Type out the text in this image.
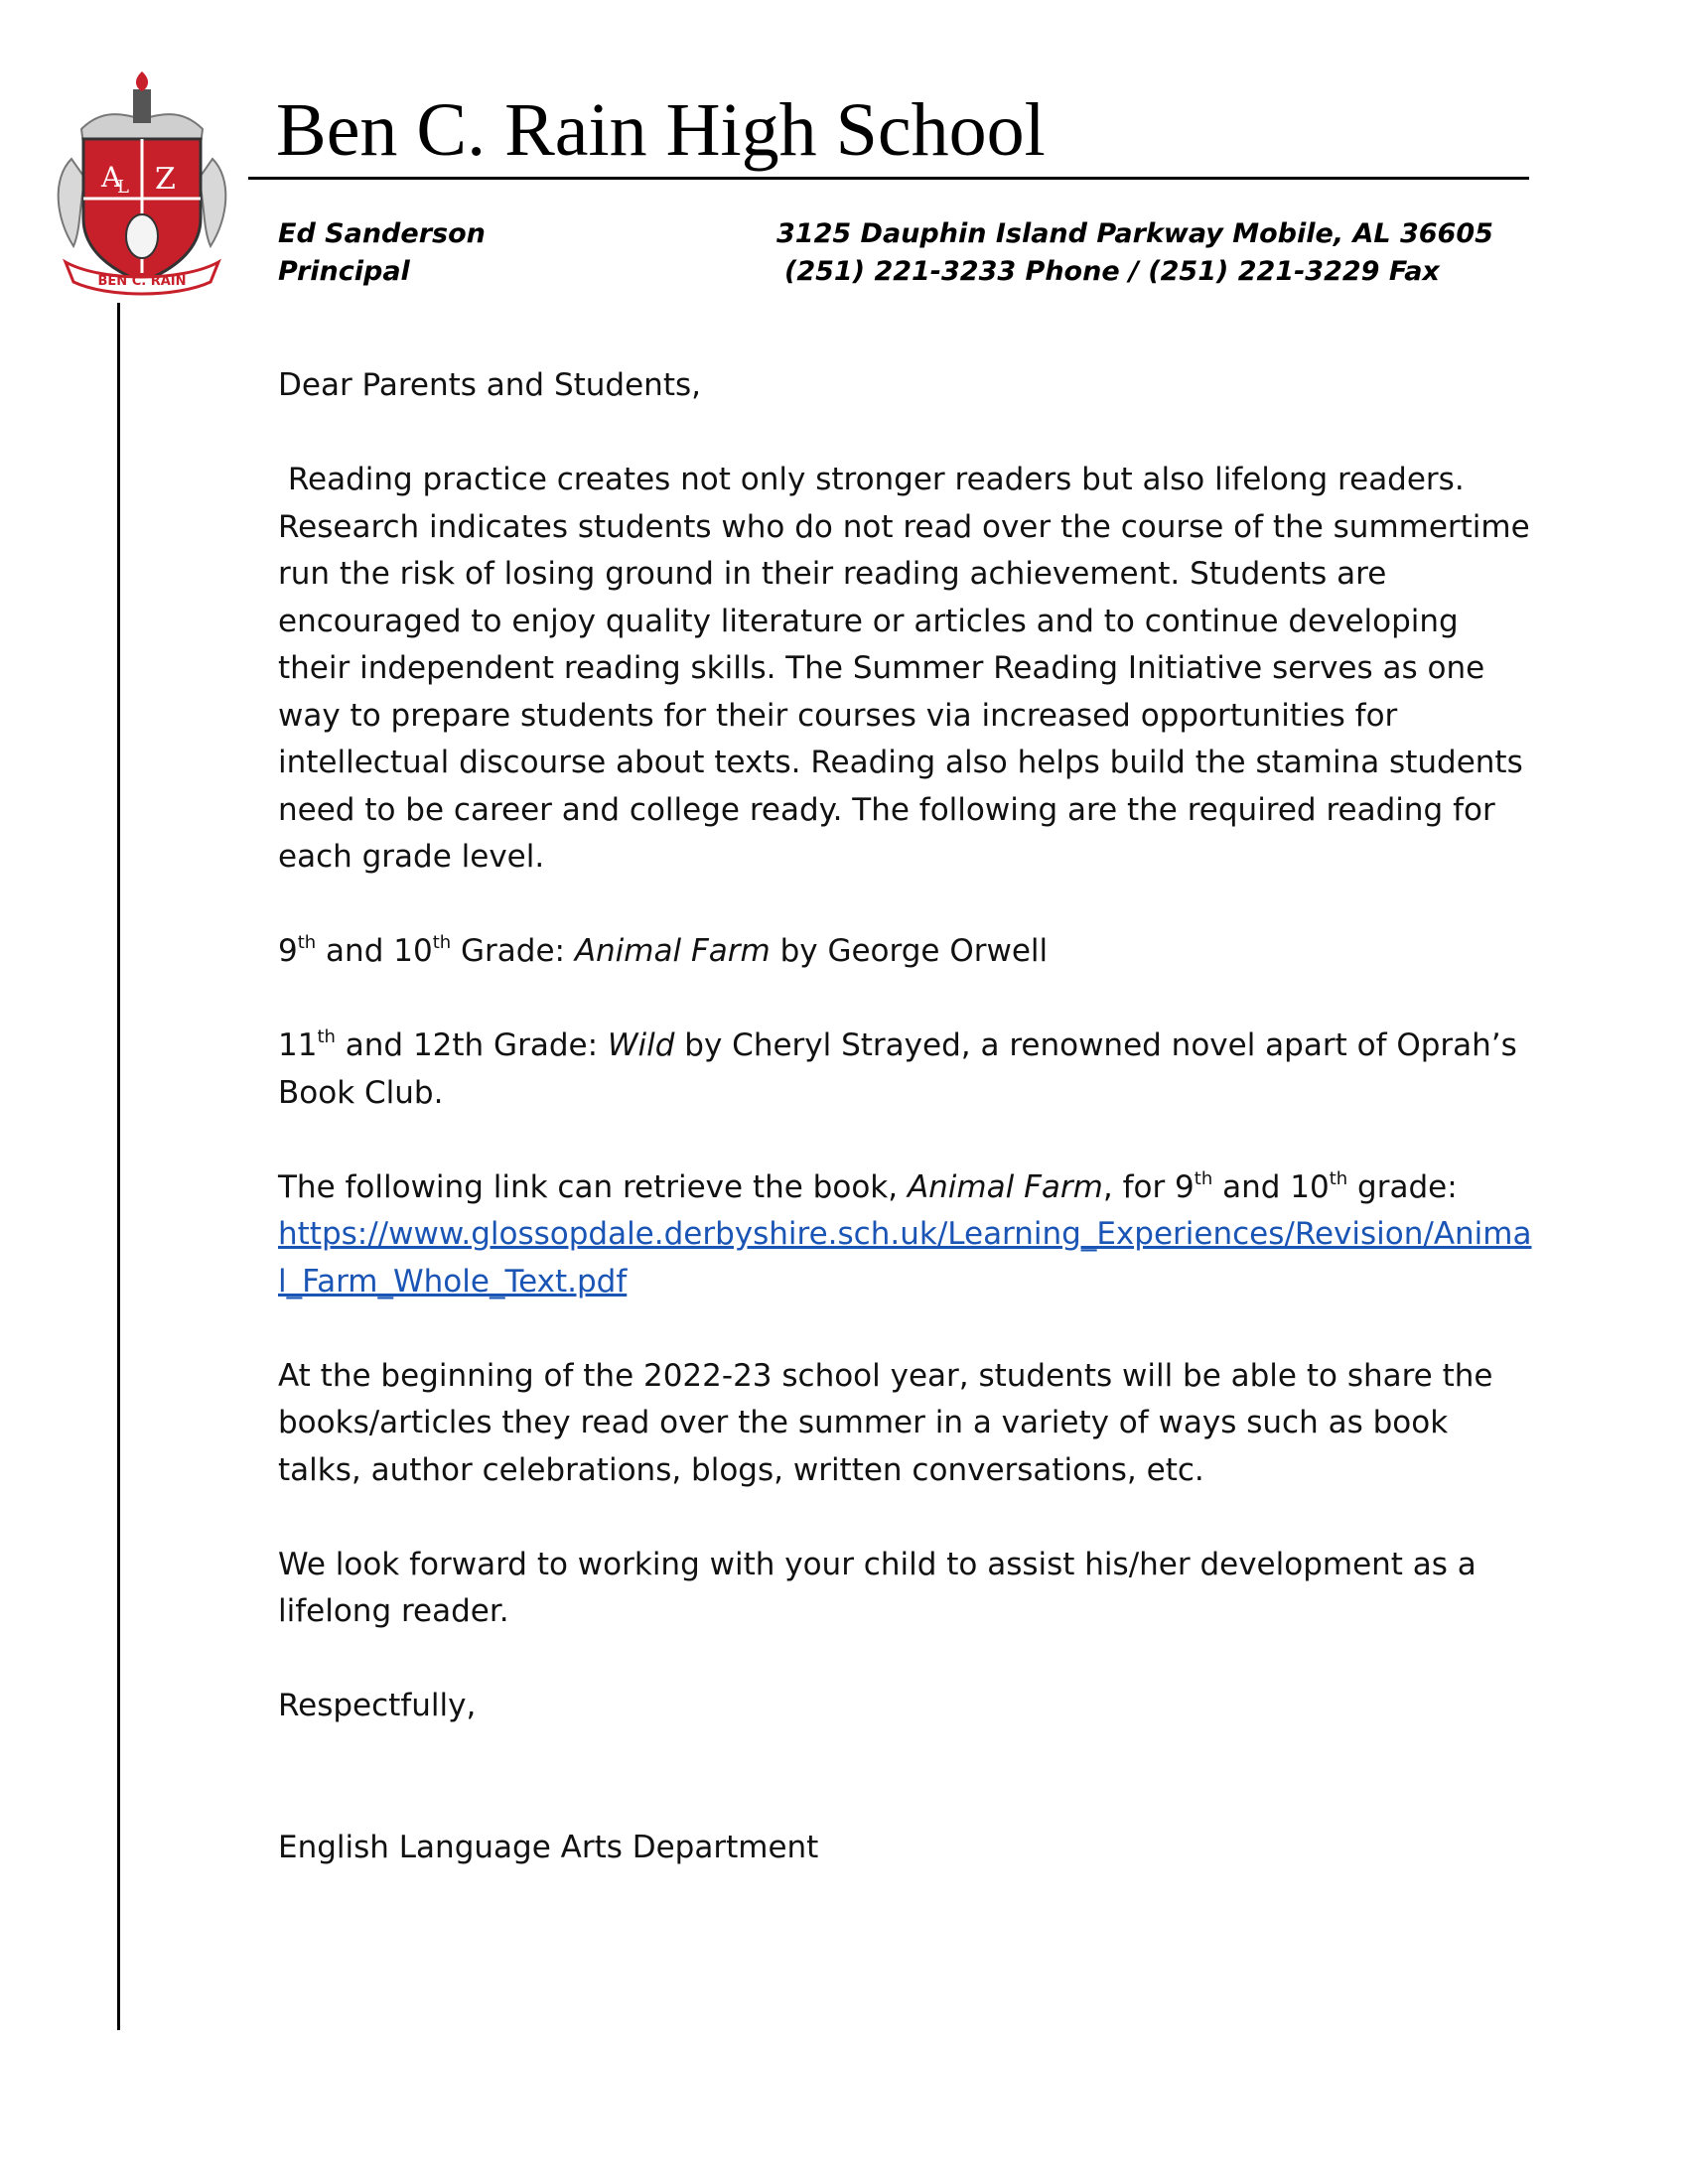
A
L Z
BEN C. RAIN
Ben C. Rain High School
Ed Sanderson
Principal
3125 Dauphin Island Parkway Mobile, AL 36605
(251) 221-3233 Phone / (251) 221-3229 Fax

Dear Parents and Students,

Reading practice creates not only stronger readers but also lifelong readers. Research indicates students who do not read over the course of the summertime run the risk of losing ground in their reading achievement. Students are encouraged to enjoy quality literature or articles and to continue developing their independent reading skills. The Summer Reading Initiative serves as one way to prepare students for their courses via increased opportunities for intellectual discourse about texts. Reading also helps build the stamina students need to be career and college ready. The following are the required reading for each grade level.

9th and 10th Grade: Animal Farm by George Orwell

11th and 12th Grade: Wild by Cheryl Strayed, a renowned novel apart of Oprah’s Book Club.

The following link can retrieve the book, Animal Farm, for 9th and 10th grade:
https://www.glossopdale.derbyshire.sch.uk/Learning_Experiences/Revision/Animal_Farm_Whole_Text.pdf

At the beginning of the 2022-23 school year, students will be able to share the books/articles they read over the summer in a variety of ways such as book talks, author celebrations, blogs, written conversations, etc.

We look forward to working with your child to assist his/her development as a lifelong reader.

Respectfully,

English Language Arts Department
